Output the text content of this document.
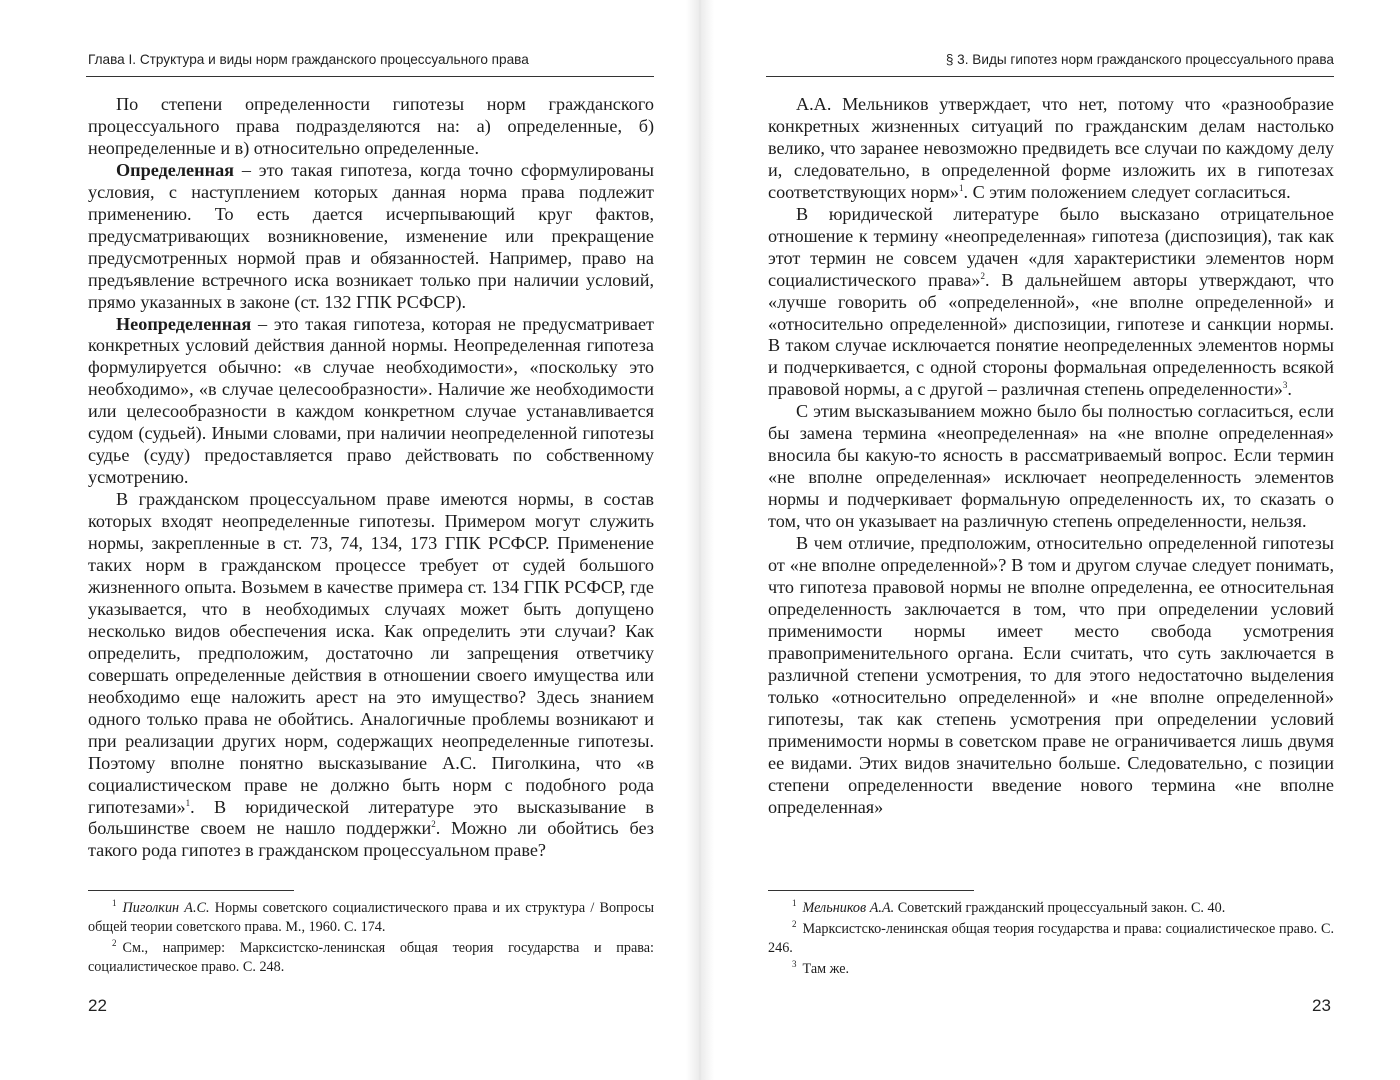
Глава I. Структура и виды норм гражданского процессуального права

По степени определенности гипотезы норм гражданского процессуального права подразделяются на: а) определенные, б) неопределенные и в) относительно определенные.

Определенная – это такая гипотеза, когда точно сформулированы условия, с наступлением которых данная норма права подлежит применению. То есть дается исчерпывающий круг фактов, предусматривающих возникновение, изменение или прекращение предусмотренных нормой прав и обязанностей. Например, право на предъявление встречного иска возникает только при наличии условий, прямо указанных в законе (ст. 132 ГПК РСФСР).

Неопределенная – это такая гипотеза, которая не предусматривает конкретных условий действия данной нормы. Неопределенная гипотеза формулируется обычно: «в случае необходимости», «поскольку это необходимо», «в случае целесообразности». Наличие же необходимости или целесообразности в каждом конкретном случае устанавливается судом (судьей). Иными словами, при наличии неопределенной гипотезы судье (суду) предоставляется право действовать по собственному усмотрению.

В гражданском процессуальном праве имеются нормы, в состав которых входят неопределенные гипотезы. Примером могут служить нормы, закрепленные в ст. 73, 74, 134, 173 ГПК РСФСР. Применение таких норм в гражданском процессе требует от судей большого жизненного опыта. Возьмем в качестве примера ст. 134 ГПК РСФСР, где указывается, что в необходимых случаях может быть допущено несколько видов обеспечения иска. Как определить эти случаи? Как определить, предположим, достаточно ли запрещения ответчику совершать определенные действия в отношении своего имущества или необходимо еще наложить арест на это имущество? Здесь знанием одного только права не обойтись. Аналогичные проблемы возникают и при реализации других норм, содержащих неопределенные гипотезы. Поэтому вполне понятно высказывание А.С. Пиголкина, что «в социалистическом праве не должно быть норм с подобного рода гипотезами»$^1$. В юридической литературе это высказывание в большинстве своем не нашло поддержки$^2$. Можно ли обойтись без такого рода гипотез в гражданском процессуальном праве?

$^1$ Пиголкин А.С. Нормы советского социалистического права и их структура / Вопросы общей теории советского права. М., 1960. С. 174.

$^2$ См., например: Марксистско-ленинская общая теория государства и права: социалистическое право. С. 248.

22
§ 3. Виды гипотез норм гражданского процессуального права

А.А. Мельников утверждает, что нет, потому что «разнообразие конкретных жизненных ситуаций по гражданским делам настолько велико, что заранее невозможно предвидеть все случаи по каждому делу и, следовательно, в определенной форме изложить их в гипотезах соответствующих норм»$^1$. С этим положением следует согласиться.

В юридической литературе было высказано отрицательное отношение к термину «неопределенная» гипотеза (диспозиция), так как этот термин не совсем удачен «для характеристики элементов норм социалистического права»$^2$. В дальнейшем авторы утверждают, что «лучше говорить об «определенной», «не вполне определенной» и «относительно определенной» диспозиции, гипотезе и санкции нормы. В таком случае исключается понятие неопределенных элементов нормы и подчеркивается, с одной стороны формальная определенность всякой правовой нормы, а с другой – различная степень определенности»$^3$.

С этим высказыванием можно было бы полностью согласиться, если бы замена термина «неопределенная» на «не вполне определенная» вносила бы какую-то ясность в рассматриваемый вопрос. Если термин «не вполне определенная» исключает неопределенность элементов нормы и подчеркивает формальную определенность их, то сказать о том, что он указывает на различную степень определенности, нельзя.

В чем отличие, предположим, относительно определенной гипотезы от «не вполне определенной»? В том и другом случае следует понимать, что гипотеза правовой нормы не вполне определенна, ее относительная определенность заключается в том, что при определении условий применимости нормы имеет место свобода усмотрения правоприменительного органа. Если считать, что суть заключается в различной степени усмотрения, то для этого недостаточно выделения только «относительно определенной» и «не вполне определенной» гипотезы, так как степень усмотрения при определении условий применимости нормы в советском праве не ограничивается лишь двумя ее видами. Этих видов значительно больше. Следовательно, с позиции степени определенности введение нового термина «не вполне определенная»

$^1$ Мельников А.А. Советский гражданский процессуальный закон. С. 40.

$^2$ Марксистско-ленинская общая теория государства и права: социалистическое право. С. 246.

$^3$ Там же.

23
